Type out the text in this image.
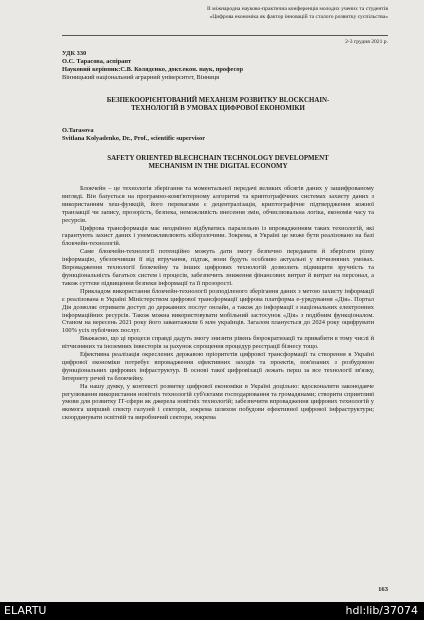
II міжнародна науково-практична конференція молодих учених та студентів
«Цифрова економіка як фактор інновацій та сталого розвитку суспільства»
2-3 грудня 2021 р.
УДК 330
О.С. Тарасова, аспірант
Науковий керівник:С.В. Колядєнко, докт.екон. наук, професор
Вінницький національний аграрний університет, Вінниця
БЕЗПЕКООРІЄНТОВАНИЙ МЕХАНІЗМ РОЗВИТКУ BLOCKCHAIN-
ТЕХНОЛОГІЙ В УМОВАХ ЦИФРОВОЇ ЕКОНОМІКИ
O.Tarasova
Svitlana Kolyadenko, Dr., Prof., scientific supervisor
SAFETY ORIENTED BLECHCHAIN TECHNOLOGY DEVELOPMENT
MECHANISM IN THE DIGITAL ECONOMY

Блокчейн – це технологія зберігання та моментальної передачі великих обсягів даних у зашифрованому вигляді. Він базується на програмно-комп'ютерному алгоритмі та криптографічних системах захисту даних з використанням хеш-функцій, його перевагами є децентралізація, криптографічне підтвердження кожної транзакції чи запису, прозорість, безпека, неможливість внесення змін, обчислювальна логіка, економія часу та ресурсів.

Цифрова трансформація має неодмінно відбуватись паралельно із впровадженням таких технологій, які гарантують захист даних і унеможливлюють кіберзлочини. Зокрема, в Україні це може бути реалізовано на базі блокчейн-технологій.

Саме блокчейн-технології потенційно можуть дати змогу безпечно передавати й зберігати різну інформацію, убезпечивши її від втручання, підтак, вони будуть особливо актуальні у вітчизняних умовах. Впровадження технології блокчейну та інших цифрових технологій дозволить підвищити зручність та функціональність багатьох систем і процесів, забезпечить зниження фінансових витрат й витрат на персонал, а також суттєве підвищення безпеки інформації та її прозорості.

Прикладом використання блокчейн-технології розподіленого зберігання даних з метою захисту інформації є реалізована в Україні Міністерством цифрової трансформації цифрова платформа е-урядування «Дія». Портал Дія дозволяє отримати доступ до державних послуг онлайн, а також до інформації з національних електронних інформаційних ресурсів. Також можна використовувати мобільний застосунок «Дія» з подібним функціоналом. Станом на вересень 2021 року його завантажили 6 млн українців. Загалом планується до 2024 року оцифрувати 100% усіх публічних послуг.

Вважаємо, що ці процеси справді дадуть змогу знизити рівень бюрократизації та привабити в тому числі й вітчизняних та іноземних інвесторів за рахунок спрощення процедур реєстрації бізнесу тощо.

Ефективна реалізація окреслених державою пріоритетів цифрової трансформації та створення в Україні цифрової економіки потребує впровадження ефективних заходів та проектів, пов'язаних з розбудовою функціональних цифрових інфраструктур. В основі такої цифровізації лежать перш за все технології зв'язку, Інтернету речей та блокчейну.

На нашу думку, у контексті розвитку цифрової економіки в Україні доцільно: вдосконалити законодавче регулювання використання новітніх технологій суб'єктами господарювання та громадянами; створити сприятливі умови для розвитку ІТ-сфери як джерела новітніх технологій; забезпечити впровадження цифрових технологій у якомога ширший спектр галузей і секторів, зокрема шляхом побудови ефективної цифрової інфраструктури; скоординувати освітній та виробничий сектори, зокрема

163
ELARTU	hdl:lib/37074
